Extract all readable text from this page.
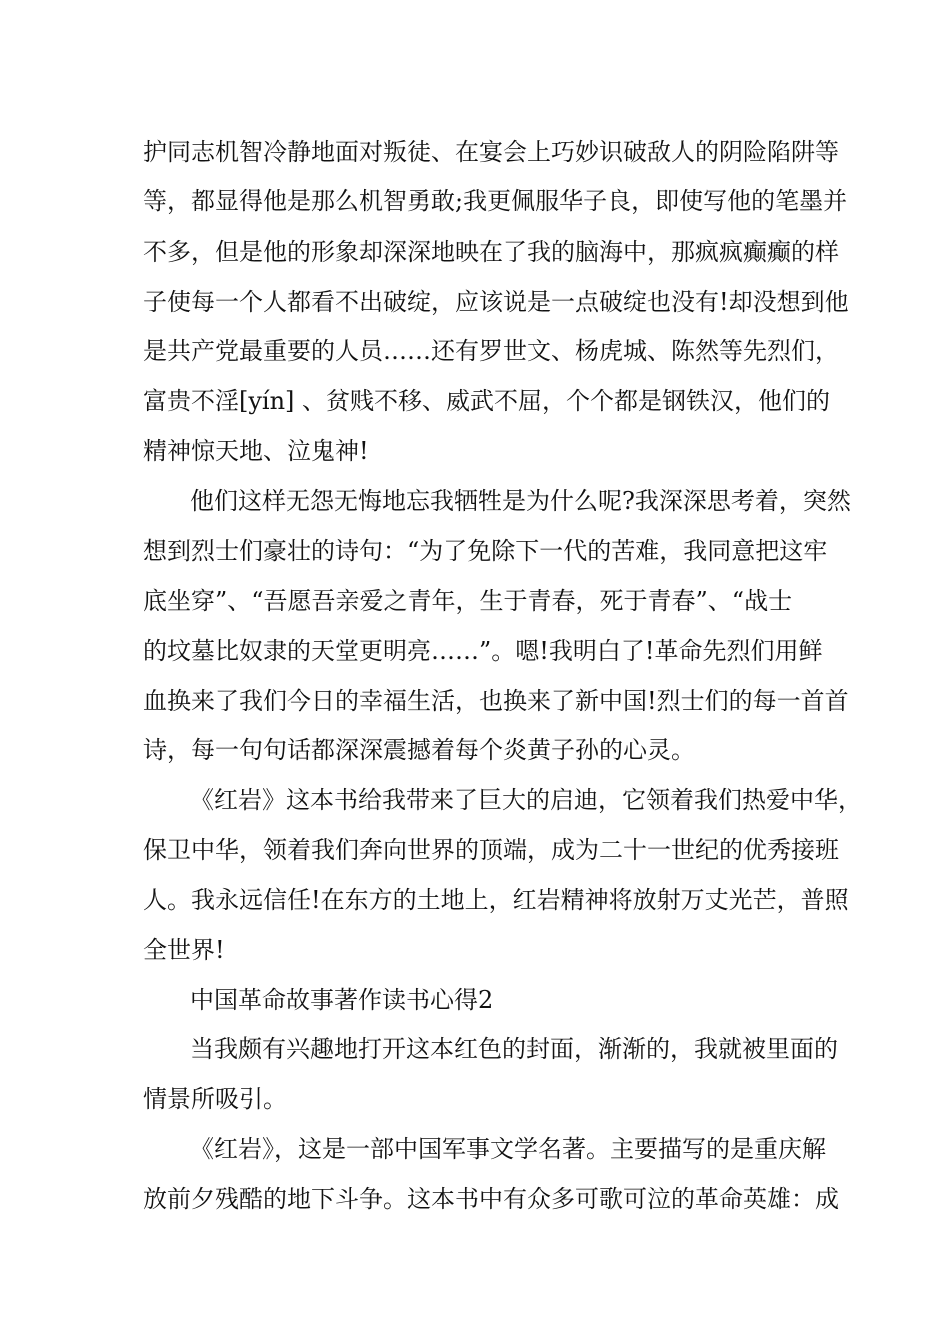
护同志机智冷静地面对叛徒、在宴会上巧妙识破敌人的阴险陷阱等
等，都显得他是那么机智勇敢;我更佩服华子良，即使写他的笔墨并
不多，但是他的形象却深深地映在了我的脑海中，那疯疯癫癫的样
子使每一个人都看不出破绽，应该说是一点破绽也没有!却没想到他
是共产党最重要的人员……还有罗世文、杨虎城、陈然等先烈们，
富贵不淫[yín] 、贫贱不移、威武不屈，个个都是钢铁汉，他们的
精神惊天地、泣鬼神!
他们这样无怨无悔地忘我牺牲是为什么呢?我深深思考着，突然
想到烈士们豪壮的诗句：“为了免除下一代的苦难，我同意把这牢
底坐穿”、“吾愿吾亲爱之青年，生于青春，死于青春”、“战士
的坟墓比奴隶的天堂更明亮……”。嗯!我明白了!革命先烈们用鲜
血换来了我们今日的幸福生活，也换来了新中国!烈士们的每一首首
诗，每一句句话都深深震撼着每个炎黄子孙的心灵。
《红岩》这本书给我带来了巨大的启迪，它领着我们热爱中华，
保卫中华，领着我们奔向世界的顶端，成为二十一世纪的优秀接班
人。我永远信任!在东方的土地上，红岩精神将放射万丈光芒，普照
全世界!
中国革命故事著作读书心得2
当我颇有兴趣地打开这本红色的封面，渐渐的，我就被里面的
情景所吸引。
《红岩》，这是一部中国军事文学名著。主要描写的是重庆解
放前夕残酷的地下斗争。这本书中有众多可歌可泣的革命英雄：成
